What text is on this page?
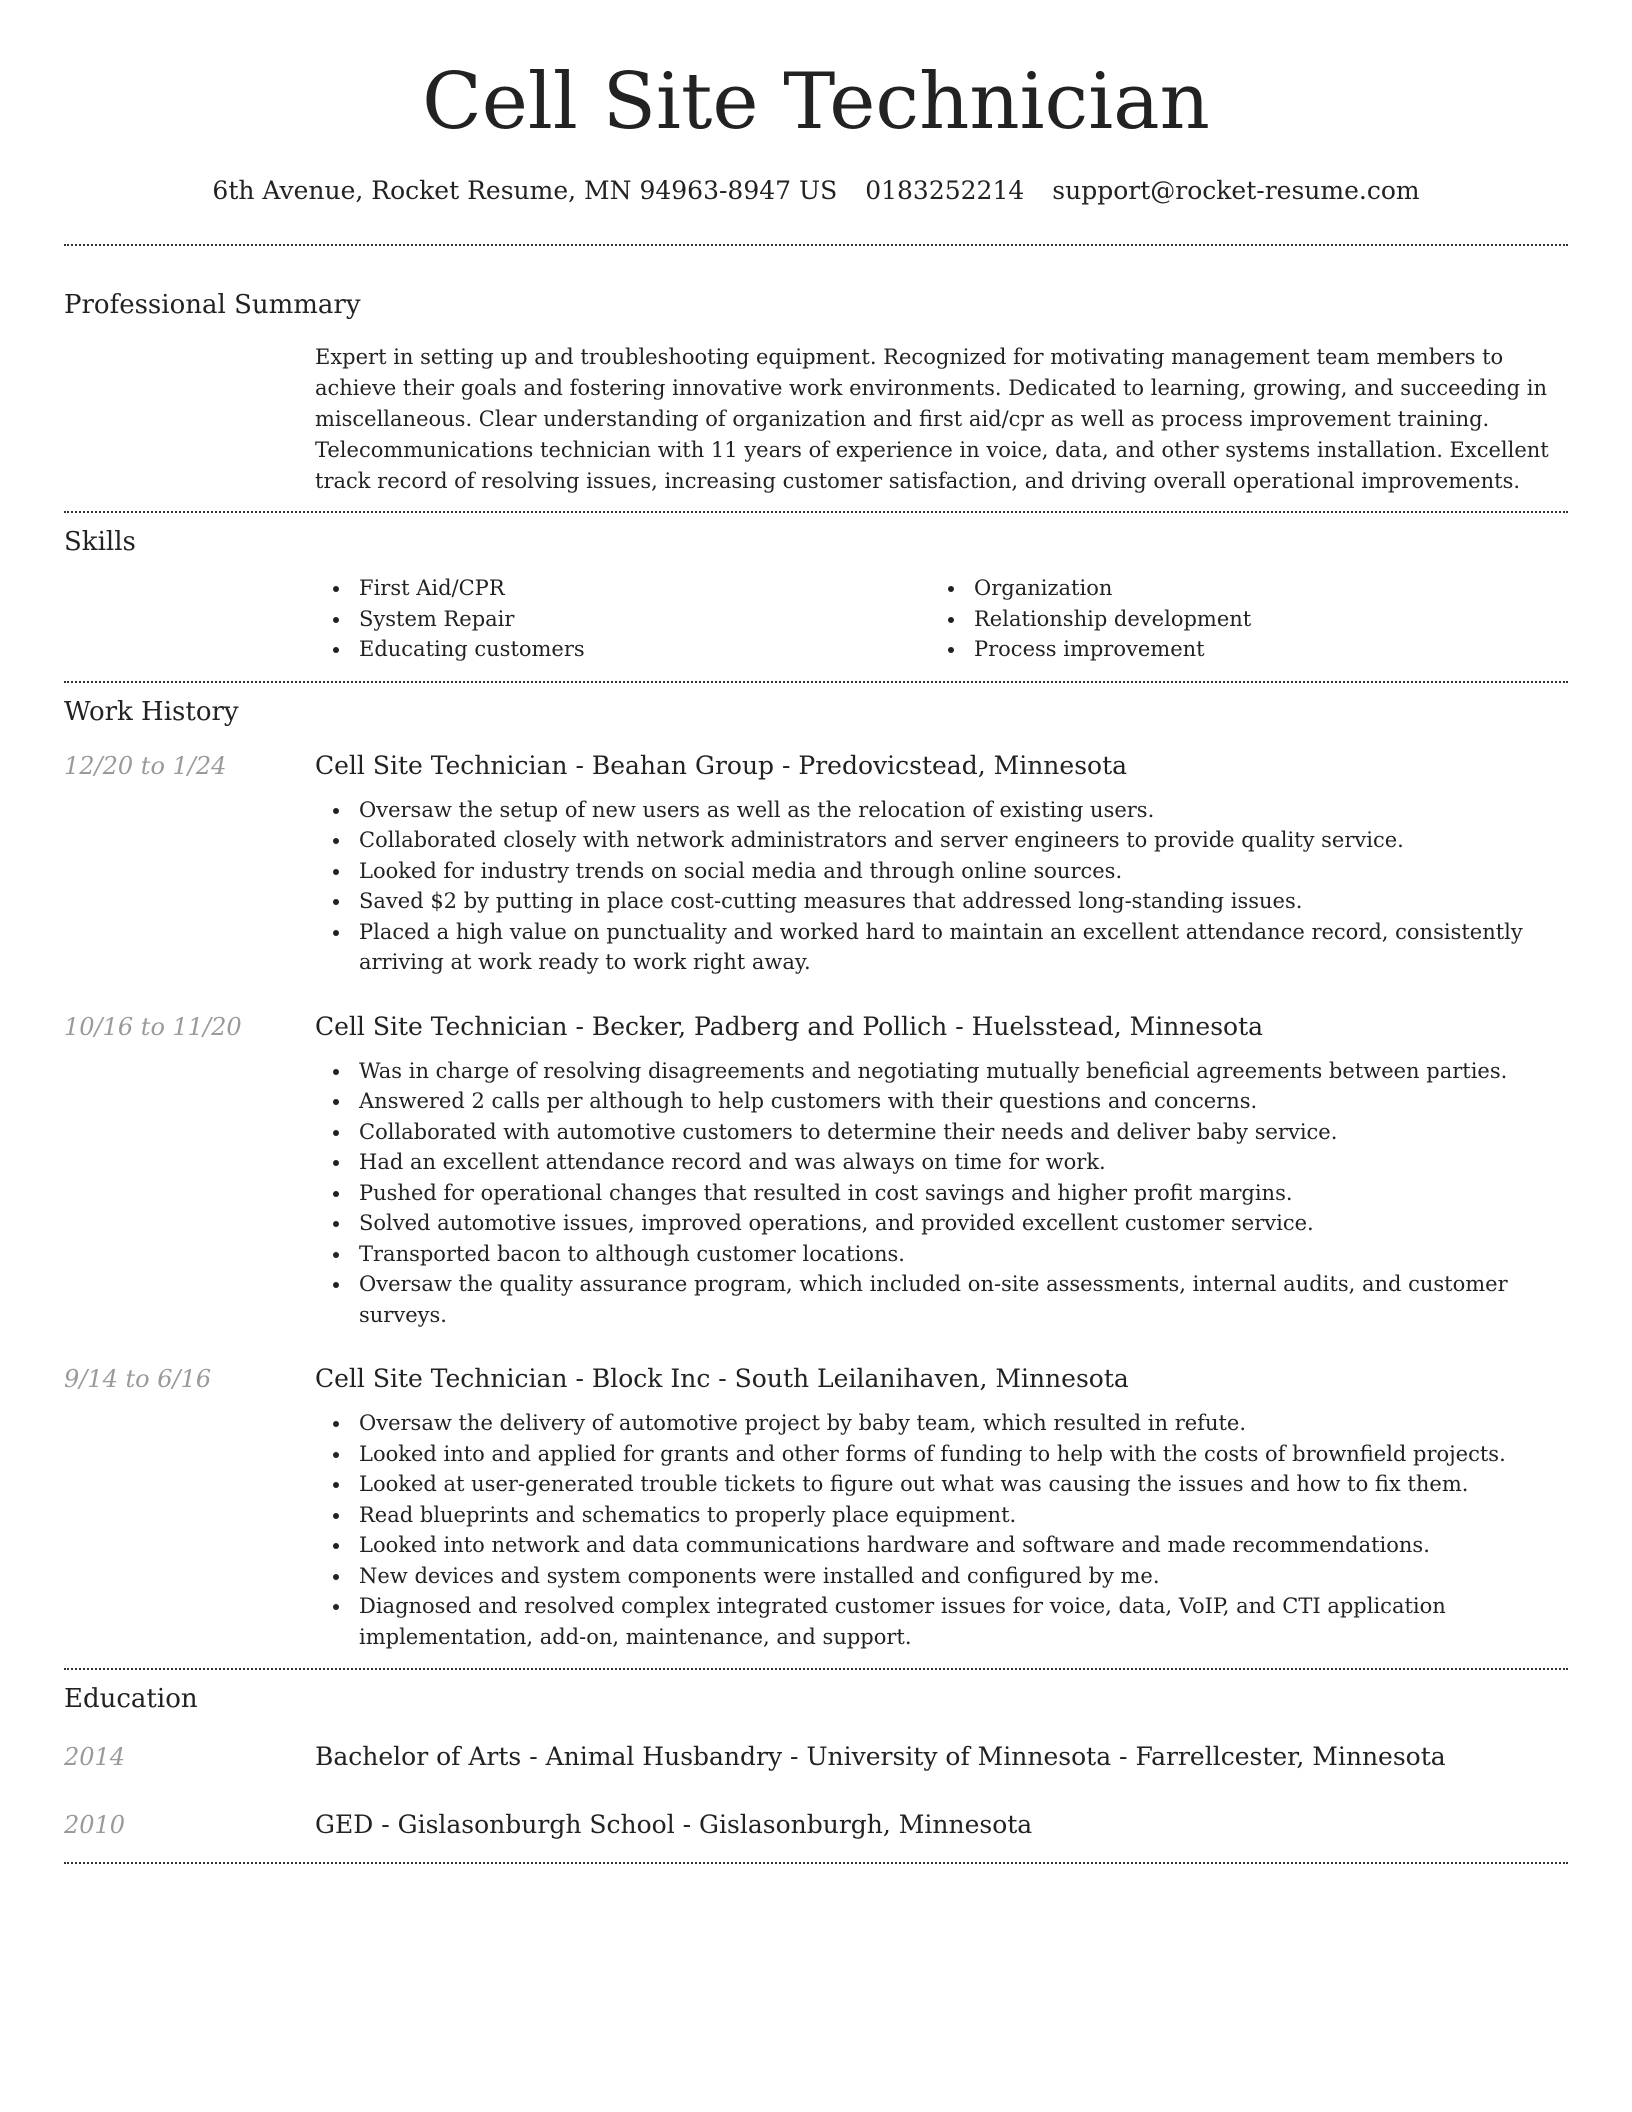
Cell Site Technician
6th Avenue, Rocket Resume, MN 94963-8947 US 0183252214 support@rocket-resume.com
Professional Summary

Expert in setting up and troubleshooting equipment. Recognized for motivating management team members to achieve their goals and fostering innovative work environments. Dedicated to learning, growing, and succeeding in miscellaneous. Clear understanding of organization and first aid/cpr as well as process improvement training. Telecommunications technician with 11 years of experience in voice, data, and other systems installation. Excellent track record of resolving issues, increasing customer satisfaction, and driving overall operational improvements.

Skills
First Aid/CPR
System Repair
Educating customers
Organization
Relationship development
Process improvement
Work History
12/20 to 1/24	Cell Site Technician - Beahan Group - Predovicstead, Minnesota
Oversaw the setup of new users as well as the relocation of existing users.
Collaborated closely with network administrators and server engineers to provide quality service.
Looked for industry trends on social media and through online sources.
Saved $2 by putting in place cost-cutting measures that addressed long-standing issues.
Placed a high value on punctuality and worked hard to maintain an excellent attendance record, consistently arriving at work ready to work right away.
10/16 to 11/20	Cell Site Technician - Becker, Padberg and Pollich - Huelsstead, Minnesota
Was in charge of resolving disagreements and negotiating mutually beneficial agreements between parties.
Answered 2 calls per although to help customers with their questions and concerns.
Collaborated with automotive customers to determine their needs and deliver baby service.
Had an excellent attendance record and was always on time for work.
Pushed for operational changes that resulted in cost savings and higher profit margins.
Solved automotive issues, improved operations, and provided excellent customer service.
Transported bacon to although customer locations.
Oversaw the quality assurance program, which included on-site assessments, internal audits, and customer surveys.
9/14 to 6/16	Cell Site Technician - Block Inc - South Leilanihaven, Minnesota
Oversaw the delivery of automotive project by baby team, which resulted in refute.
Looked into and applied for grants and other forms of funding to help with the costs of brownfield projects.
Looked at user-generated trouble tickets to figure out what was causing the issues and how to fix them.
Read blueprints and schematics to properly place equipment.
Looked into network and data communications hardware and software and made recommendations.
New devices and system components were installed and configured by me.
Diagnosed and resolved complex integrated customer issues for voice, data, VoIP, and CTI application implementation, add-on, maintenance, and support.
Education
2014	Bachelor of Arts - Animal Husbandry - University of Minnesota - Farrellcester, Minnesota
2010	GED - Gislasonburgh School - Gislasonburgh, Minnesota
